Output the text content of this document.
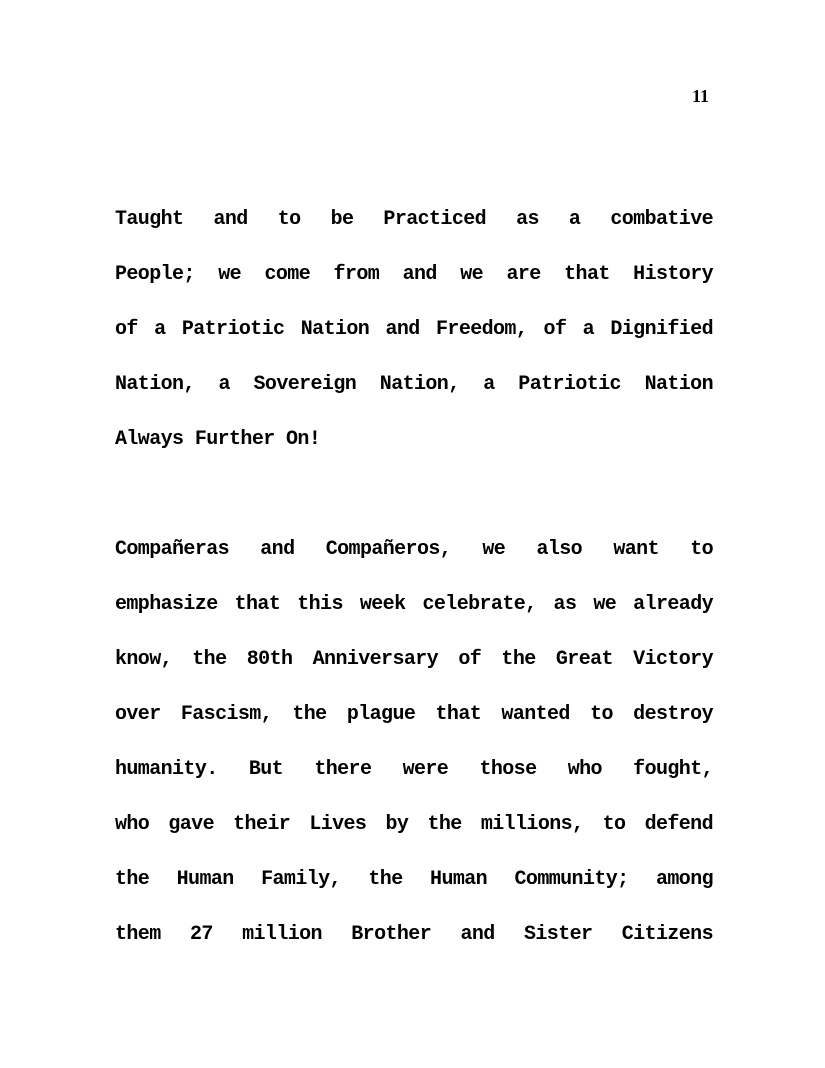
11
Taught and to be Practiced as a combative
People; we come from and we are that History
of a Patriotic Nation and Freedom, of a Dignified
Nation, a Sovereign Nation, a Patriotic Nation
Always Further On!
Compañeras and Compañeros, we also want to
emphasize that this week celebrate, as we already
know, the 80th Anniversary of the Great Victory
over Fascism, the plague that wanted to destroy
humanity. But there were those who fought,
who gave their Lives by the millions, to defend
the Human Family, the Human Community; among
them 27 million Brother and Sister Citizens
